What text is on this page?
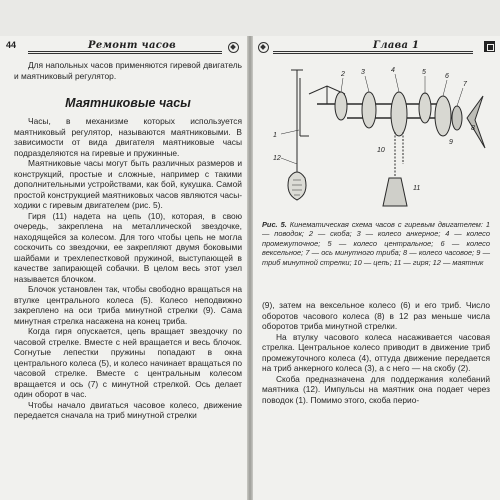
44	Ремонт часов	Глава 1

Для напольных часов применяются гиревой двигатель и маятниковый регулятор.

Маятниковые часы

Часы, в механизме которых используется маятниковый регулятор, называются маятниковыми. В зависимости от вида двигателя маятниковые часы подразделяются на гиревые и пружинные.

Маятниковые часы могут быть различных размеров и конструкций, простые и сложные, например с такими дополнительными устройствами, как бой, кукушка. Самой простой конструкцией маятниковых часов являются часы-ходики с гиревым двигателем (рис. 5).

Гиря (11) надета на цепь (10), которая, в свою очередь, закреплена на металлической звездочке, находящейся за колесом. Для того чтобы цепь не могла соскочить со звездочки, ее закрепляют двумя боковыми шайбами и трехлепестковой пружиной, выступающей в качестве запирающей собачки. В целом весь этот узел называется блочком.

Блочок установлен так, чтобы свободно вращаться на втулке центрального колеса (5). Колесо неподвижно закреплено на оси триба минутной стрелки (9). Сама минутная стрелка насажена на конец триба.

Когда гиря опускается, цепь вращает звездочку по часовой стрелке. Вместе с ней вращается и весь блочок. Согнутые лепестки пружины попадают в окна центрального колеса (5), и колесо начинает вращаться по часовой стрелке. Вместе с центральным колесом вращается и ось (7) с минутной стрелкой. Ось делает один оборот в час.

Чтобы начало двигаться часовое колесо, движение передается сначала на триб минутной стрелки

1
2 3	4	5
6
7
8
9
10
11
12
Рис. 5. Кинематическая схема часов с гиревым двигателем: 1 — поводок; 2 — скоба; 3 — колесо анкерное; 4 — колесо промежуточное; 5 — колесо центральное; 6 — колесо вексельное; 7 — ось минутного триба; 8 — колесо часовое; 9 — триб минутной стрелки; 10 — цепь; 11 — гиря; 12 — маятник

(9), затем на вексельное колесо (6) и его триб. Число оборотов часового колеса (8) в 12 раз меньше числа оборотов триба минутной стрелки.

На втулку часового колеса насаживается часовая стрелка. Центральное колесо приводит в движение триб промежуточного колеса (4), оттуда движение передается на триб анкерного колеса (3), а с него — на скобу (2).

Скоба предназначена для поддержания колебаний маятника (12). Импульсы на маятник она подает через поводок (1). Помимо этого, скоба перио-
